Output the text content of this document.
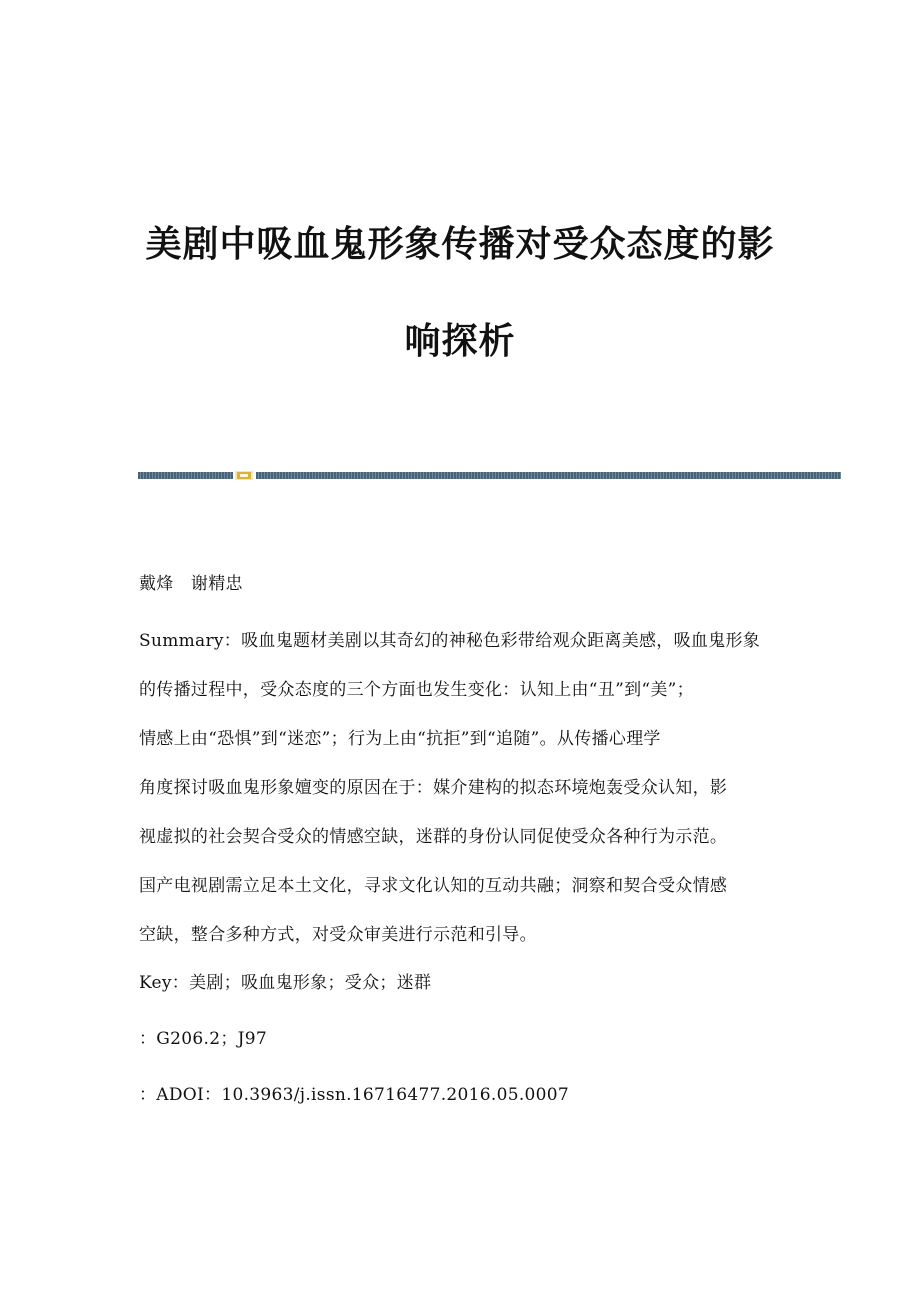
美剧中吸血鬼形象传播对受众态度的影
响探析

戴烽　谢精忠

Summary：吸血鬼题材美剧以其奇幻的神秘色彩带给观众距离美感，吸血鬼形象
的传播过程中，受众态度的三个方面也发生变化：认知上由“丑”到“美”；
情感上由“恐惧”到“迷恋”；行为上由“抗拒”到“追随”。从传播心理学
角度探讨吸血鬼形象嬗变的原因在于：媒介建构的拟态环境炮轰受众认知，影
视虚拟的社会契合受众的情感空缺，迷群的身份认同促使受众各种行为示范。
国产电视剧需立足本土文化，寻求文化认知的互动共融；洞察和契合受众情感
空缺，整合多种方式，对受众审美进行示范和引导。

Key：美剧；吸血鬼形象；受众；迷群

：G206.2；J97

：ADOI：10.3963/j.issn.16716477.2016.05.0007
